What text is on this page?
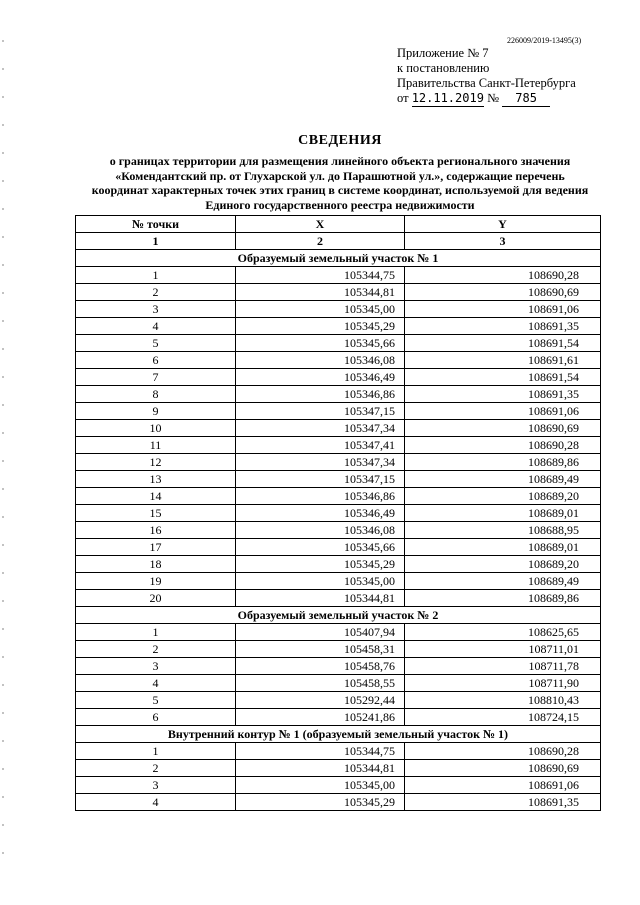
226009/2019-13495(3)
Приложение № 7
к постановлению
Правительства Санкт-Петербурга
от 12.11.2019 № 785
СВЕДЕНИЯ
о границах территории для размещения линейного объекта регионального значения
«Комендантский пр. от Глухарской ул. до Парашютной ул.», содержащие перечень
координат характерных точек этих границ в системе координат, используемой для ведения
Единого государственного реестра недвижимости
№ точки	X	Y
1	2	3
Образуемый земельный участок № 1		
1	105344,75	108690,28
2	105344,81	108690,69
3	105345,00	108691,06
4	105345,29	108691,35
5	105345,66	108691,54
6	105346,08	108691,61
7	105346,49	108691,54
8	105346,86	108691,35
9	105347,15	108691,06
10	105347,34	108690,69
11	105347,41	108690,28
12	105347,34	108689,86
13	105347,15	108689,49
14	105346,86	108689,20
15	105346,49	108689,01
16	105346,08	108688,95
17	105345,66	108689,01
18	105345,29	108689,20
19	105345,00	108689,49
20	105344,81	108689,86
Образуемый земельный участок № 2		
1	105407,94	108625,65
2	105458,31	108711,01
3	105458,76	108711,78
4	105458,55	108711,90
5	105292,44	108810,43
6	105241,86	108724,15
Внутренний контур № 1 (образуемый земельный участок № 1)		
1	105344,75	108690,28
2	105344,81	108690,69
3	105345,00	108691,06
4	105345,29	108691,35
